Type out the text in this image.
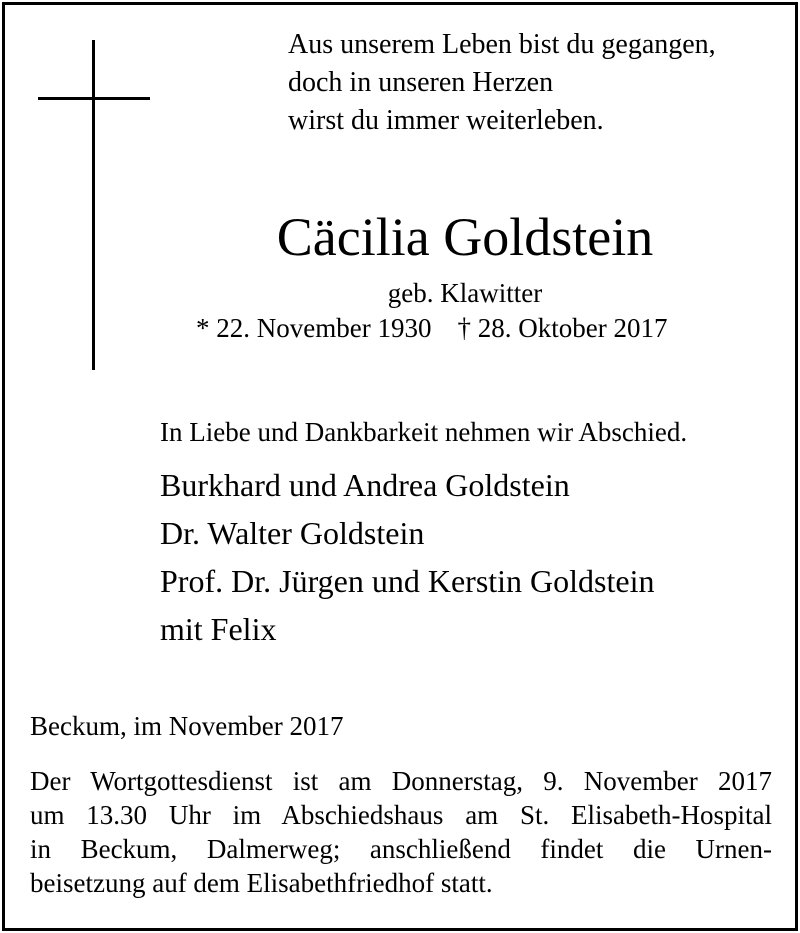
Aus unserem Leben bist du gegangen,
doch in unseren Herzen
wirst du immer weiterleben.
Cäcilia Goldstein
geb. Klawitter
* 22. November 1930 † 28. Oktober 2017
In Liebe und Dankbarkeit nehmen wir Abschied.
Burkhard und Andrea Goldstein
Dr. Walter Goldstein
Prof. Dr. Jürgen und Kerstin Goldstein
mit Felix
Beckum, im November 2017
Der Wortgottesdienst ist am Donnerstag, 9. November 2017
um 13.30 Uhr im Abschiedshaus am St. Elisabeth-Hospital
in Beckum, Dalmerweg; anschließend findet die Urnen-
beisetzung auf dem Elisabethfriedhof statt.
